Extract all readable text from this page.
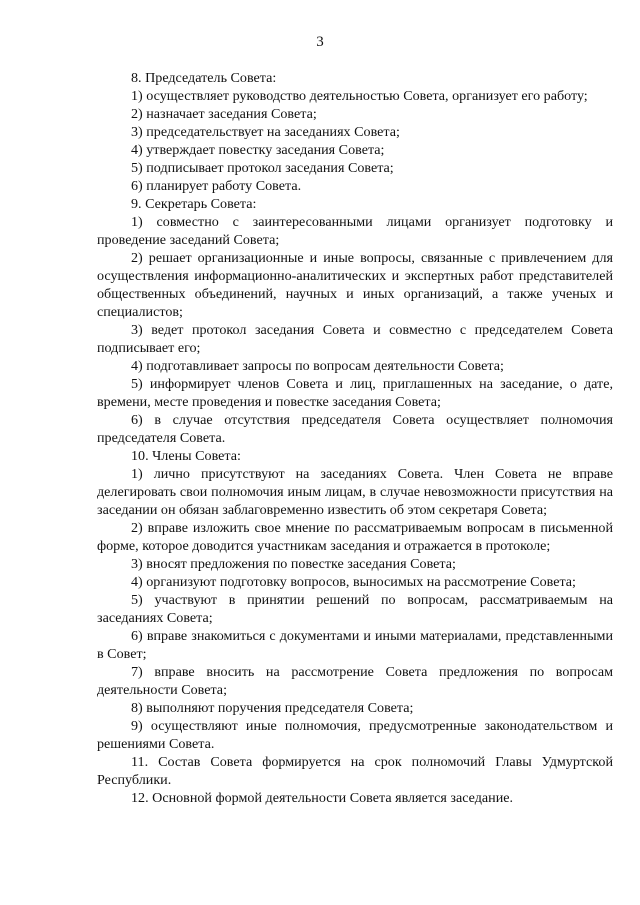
3

8. Председатель Совета:

1) осуществляет руководство деятельностью Совета, организует его работу;

2) назначает заседания Совета;

3) председательствует на заседаниях Совета;

4) утверждает повестку заседания Совета;

5) подписывает протокол заседания Совета;

6) планирует работу Совета.

9. Секретарь Совета:

1) совместно с заинтересованными лицами организует подготовку и проведение заседаний Совета;

2) решает организационные и иные вопросы, связанные с привлечением для осуществления информационно-аналитических и экспертных работ представителей общественных объединений, научных и иных организаций, а также ученых и специалистов;

3) ведет протокол заседания Совета и совместно с председателем Совета подписывает его;

4) подготавливает запросы по вопросам деятельности Совета;

5) информирует членов Совета и лиц, приглашенных на заседание, о дате, времени, месте проведения и повестке заседания Совета;

6) в случае отсутствия председателя Совета осуществляет полномочия председателя Совета.

10. Члены Совета:

1) лично присутствуют на заседаниях Совета. Член Совета не вправе делегировать свои полномочия иным лицам, в случае невозможности присутствия на заседании он обязан заблаговременно известить об этом секретаря Совета;

2) вправе изложить свое мнение по рассматриваемым вопросам в письменной форме, которое доводится участникам заседания и отражается в протоколе;

3) вносят предложения по повестке заседания Совета;

4) организуют подготовку вопросов, выносимых на рассмотрение Совета;

5) участвуют в принятии решений по вопросам, рассматриваемым на заседаниях Совета;

6) вправе знакомиться с документами и иными материалами, представленными в Совет;

7) вправе вносить на рассмотрение Совета предложения по вопросам деятельности Совета;

8) выполняют поручения председателя Совета;

9) осуществляют иные полномочия, предусмотренные законодательством и решениями Совета.

11. Состав Совета формируется на срок полномочий Главы Удмуртской Республики.

12. Основной формой деятельности Совета является заседание.
